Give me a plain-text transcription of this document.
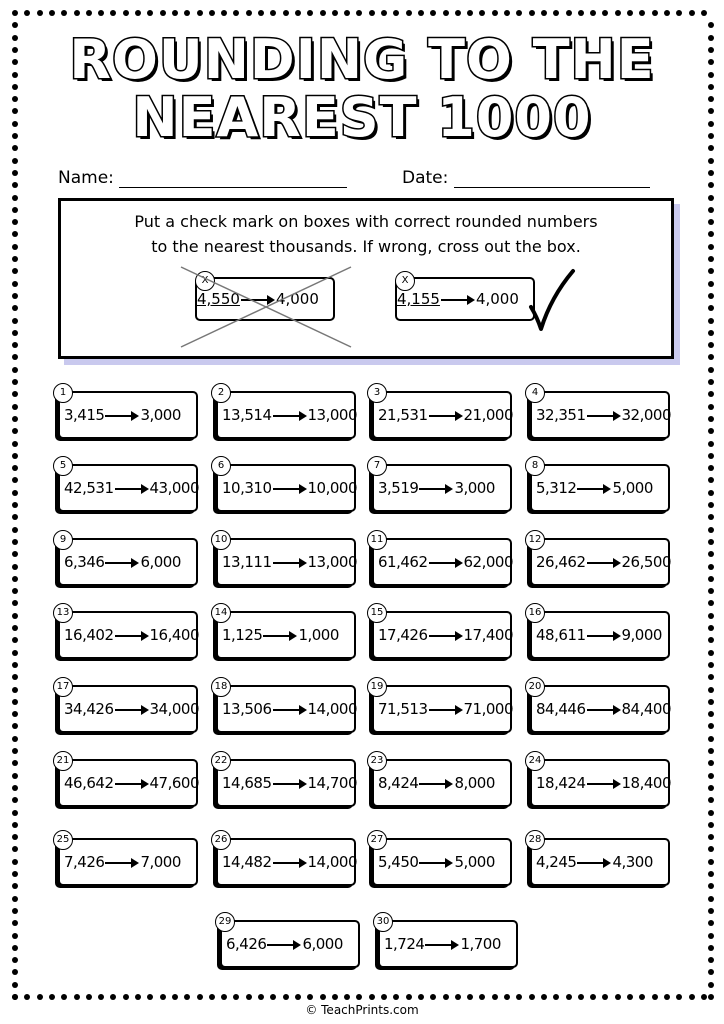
ROUNDING TO THE
NEAREST 1000
Name:	Date:
Put a check mark on boxes with correct rounded numbers
to the nearest thousands. If wrong, cross out the box.
X
4,550 4,000
X
4,155 4,000
1
3,415 3,000
2
13,514 13,000
3
21,531 21,000
4
32,351 32,000
5
42,531 43,000
6
10,310 10,000
7
3,519 3,000
8
5,312 5,000
9
6,346 6,000
10
13,111 13,000
11
61,462 62,000
12
26,462 26,500
13
16,402 16,400
14
1,125 1,000
15
17,426 17,400
16
48,611 9,000
17
34,426 34,000
18
13,506 14,000
19
71,513 71,000
20
84,446 84,400
21
46,642 47,600
22
14,685 14,700
23
8,424 8,000
24
18,424 18,400
25
7,426 7,000
26
14,482 14,000
27
5,450 5,000
28
4,245 4,300
29
6,426 6,000
30
1,724 1,700
© TeachPrints.com
